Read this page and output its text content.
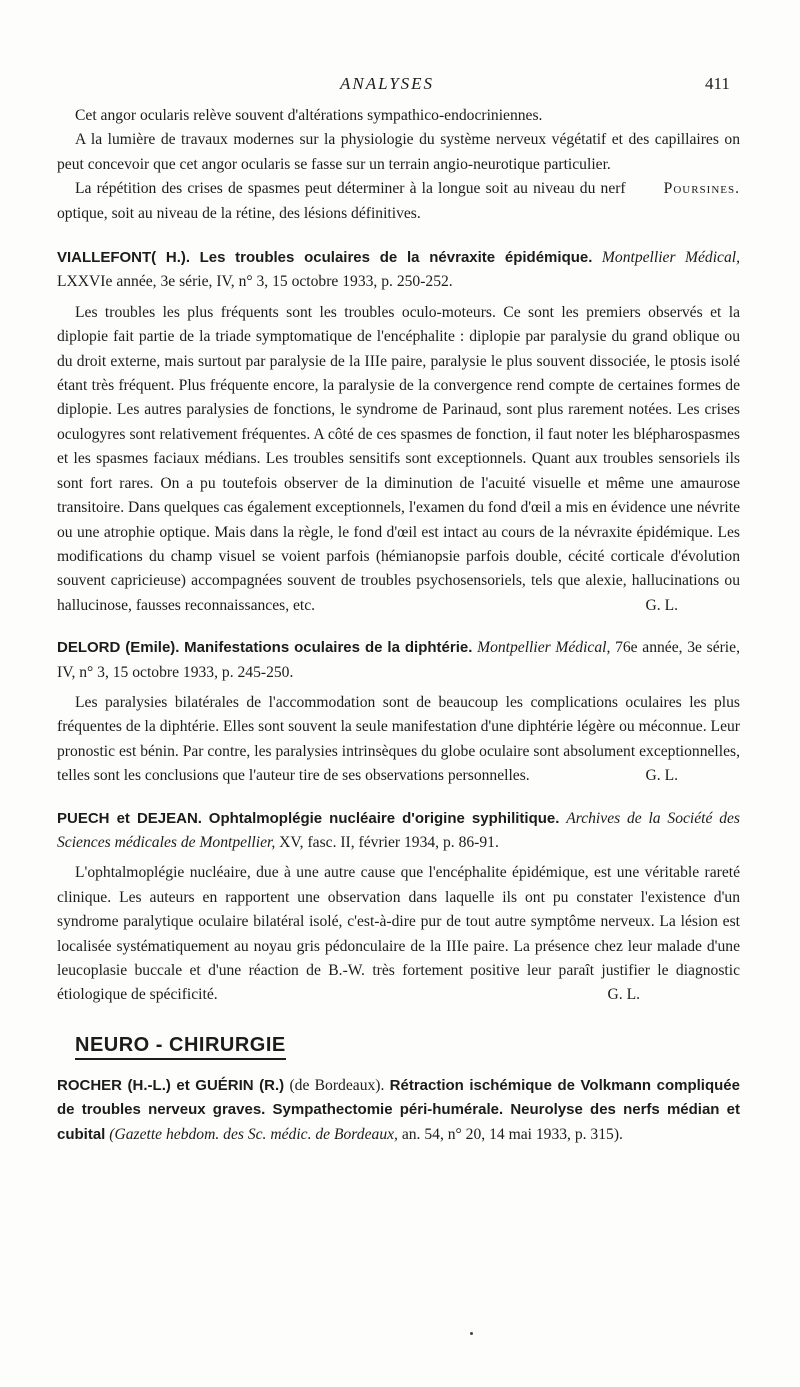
ANALYSES	411

Cet angor ocularis relève souvent d'altérations sympathico-endocriniennes.

A la lumière de travaux modernes sur la physiologie du système nerveux végétatif et des capillaires on peut concevoir que cet angor ocularis se fasse sur un terrain angio-neurotique particulier.

La répétition des crises de spasmes peut déterminer à la longue soit au niveau du nerf optique, soit au niveau de la rétine, des lésions définitives.
Poursines.

VIALLEFONT( H.). Les troubles oculaires de la névraxite épidémique. Montpellier Médical, LXXVIe année, 3e série, IV, n° 3, 15 octobre 1933, p. 250-252.

Les troubles les plus fréquents sont les troubles oculo-moteurs. Ce sont les premiers observés et la diplopie fait partie de la triade symptomatique de l'encéphalite : diplopie par paralysie du grand oblique ou du droit externe, mais surtout par paralysie de la IIIe paire, paralysie le plus souvent dissociée, le ptosis isolé étant très fréquent. Plus fréquente encore, la paralysie de la convergence rend compte de certaines formes de diplopie. Les autres paralysies de fonctions, le syndrome de Parinaud, sont plus rarement notées. Les crises oculogyres sont relativement fréquentes. A côté de ces spasmes de fonction, il faut noter les blépharospasmes et les spasmes faciaux médians. Les troubles sensitifs sont exceptionnels. Quant aux troubles sensoriels ils sont fort rares. On a pu toutefois observer de la diminution de l'acuité visuelle et même une amaurose transitoire. Dans quelques cas également exceptionnels, l'examen du fond d'œil a mis en évidence une névrite ou une atrophie optique. Mais dans la règle, le fond d'œil est intact au cours de la névraxite épidémique. Les modifications du champ visuel se voient parfois (hémianopsie parfois double, cécité corticale d'évolution souvent capricieuse) accompagnées souvent de troubles psychosensoriels, tels que alexie, hallucinations ou hallucinose, fausses reconnaissances, etc.	G. L.

DELORD (Emile). Manifestations oculaires de la diphtérie. Montpellier Médical, 76e année, 3e série, IV, n° 3, 15 octobre 1933, p. 245-250.

Les paralysies bilatérales de l'accommodation sont de beaucoup les complications oculaires les plus fréquentes de la diphtérie. Elles sont souvent la seule manifestation d'une diphtérie légère ou méconnue. Leur pronostic est bénin. Par contre, les paralysies intrinsèques du globe oculaire sont absolument exceptionnelles, telles sont les conclusions que l'auteur tire de ses observations personnelles.	G. L.

PUECH et DEJEAN. Ophtalmoplégie nucléaire d'origine syphilitique. Archives de la Société des Sciences médicales de Montpellier, XV, fasc. II, février 1934, p. 86-91.

L'ophtalmoplégie nucléaire, due à une autre cause que l'encéphalite épidémique, est une véritable rareté clinique. Les auteurs en rapportent une observation dans laquelle ils ont pu constater l'existence d'un syndrome paralytique oculaire bilatéral isolé, c'est-à-dire pur de tout autre symptôme nerveux. La lésion est localisée systématiquement au noyau gris pédonculaire de la IIIe paire. La présence chez leur malade d'une leucoplasie buccale et d'une réaction de B.-W. très fortement positive leur paraît justifier le diagnostic étiologique de spécificité.	G. L.

NEURO - CHIRURGIE
ROCHER (H.-L.) et GUÉRIN (R.) (de Bordeaux). Rétraction ischémique de Volkmann compliquée de troubles nerveux graves. Sympathectomie péri-humérale. Neurolyse des nerfs médian et cubital (Gazette hebdom. des Sc. médic. de Bordeaux, an. 54, n° 20, 14 mai 1933, p. 315).
